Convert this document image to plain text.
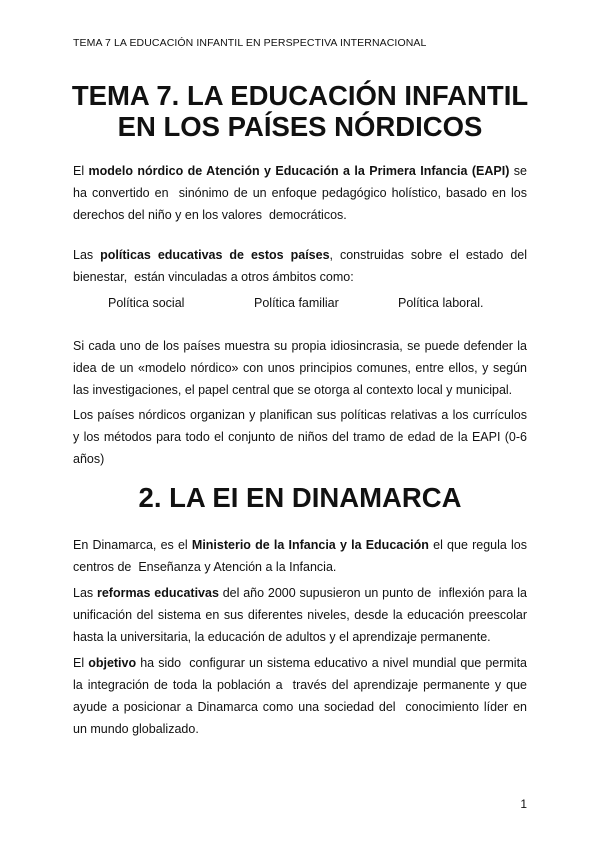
TEMA 7 LA EDUCACIÓN INFANTIL EN PERSPECTIVA INTERNACIONAL
TEMA 7. LA EDUCACIÓN INFANTIL
EN LOS PAÍSES NÓRDICOS

El modelo nórdico de Atención y Educación a la Primera Infancia (EAPI) se ha convertido en  sinónimo de un enfoque pedagógico holístico, basado en los derechos del niño y en los valores  democráticos.

Las políticas educativas de estos países, construidas sobre el estado del bienestar,  están vinculadas a otros ámbitos como:

Política social	Política familiar	Política laboral.

Si cada uno de los países muestra su propia idiosincrasia, se puede defender la idea de un «modelo nórdico» con unos principios comunes, entre ellos, y según las investigaciones, el papel central que se otorga al contexto local y municipal.

Los países nórdicos organizan y planifican sus políticas relativas a los currículos y los métodos para todo el conjunto de niños del tramo de edad de la EAPI (0-6 años)

2. LA EI EN DINAMARCA

En Dinamarca, es el Ministerio de la Infancia y la Educación el que regula los centros de  Enseñanza y Atención a la Infancia.

Las reformas educativas del año 2000 supusieron un punto de  inflexión para la unificación del sistema en sus diferentes niveles, desde la educación preescolar hasta la universitaria, la educación de adultos y el aprendizaje permanente.

El objetivo ha sido  configurar un sistema educativo a nivel mundial que permita la integración de toda la población a  través del aprendizaje permanente y que ayude a posicionar a Dinamarca como una sociedad del  conocimiento líder en un mundo globalizado.

1
